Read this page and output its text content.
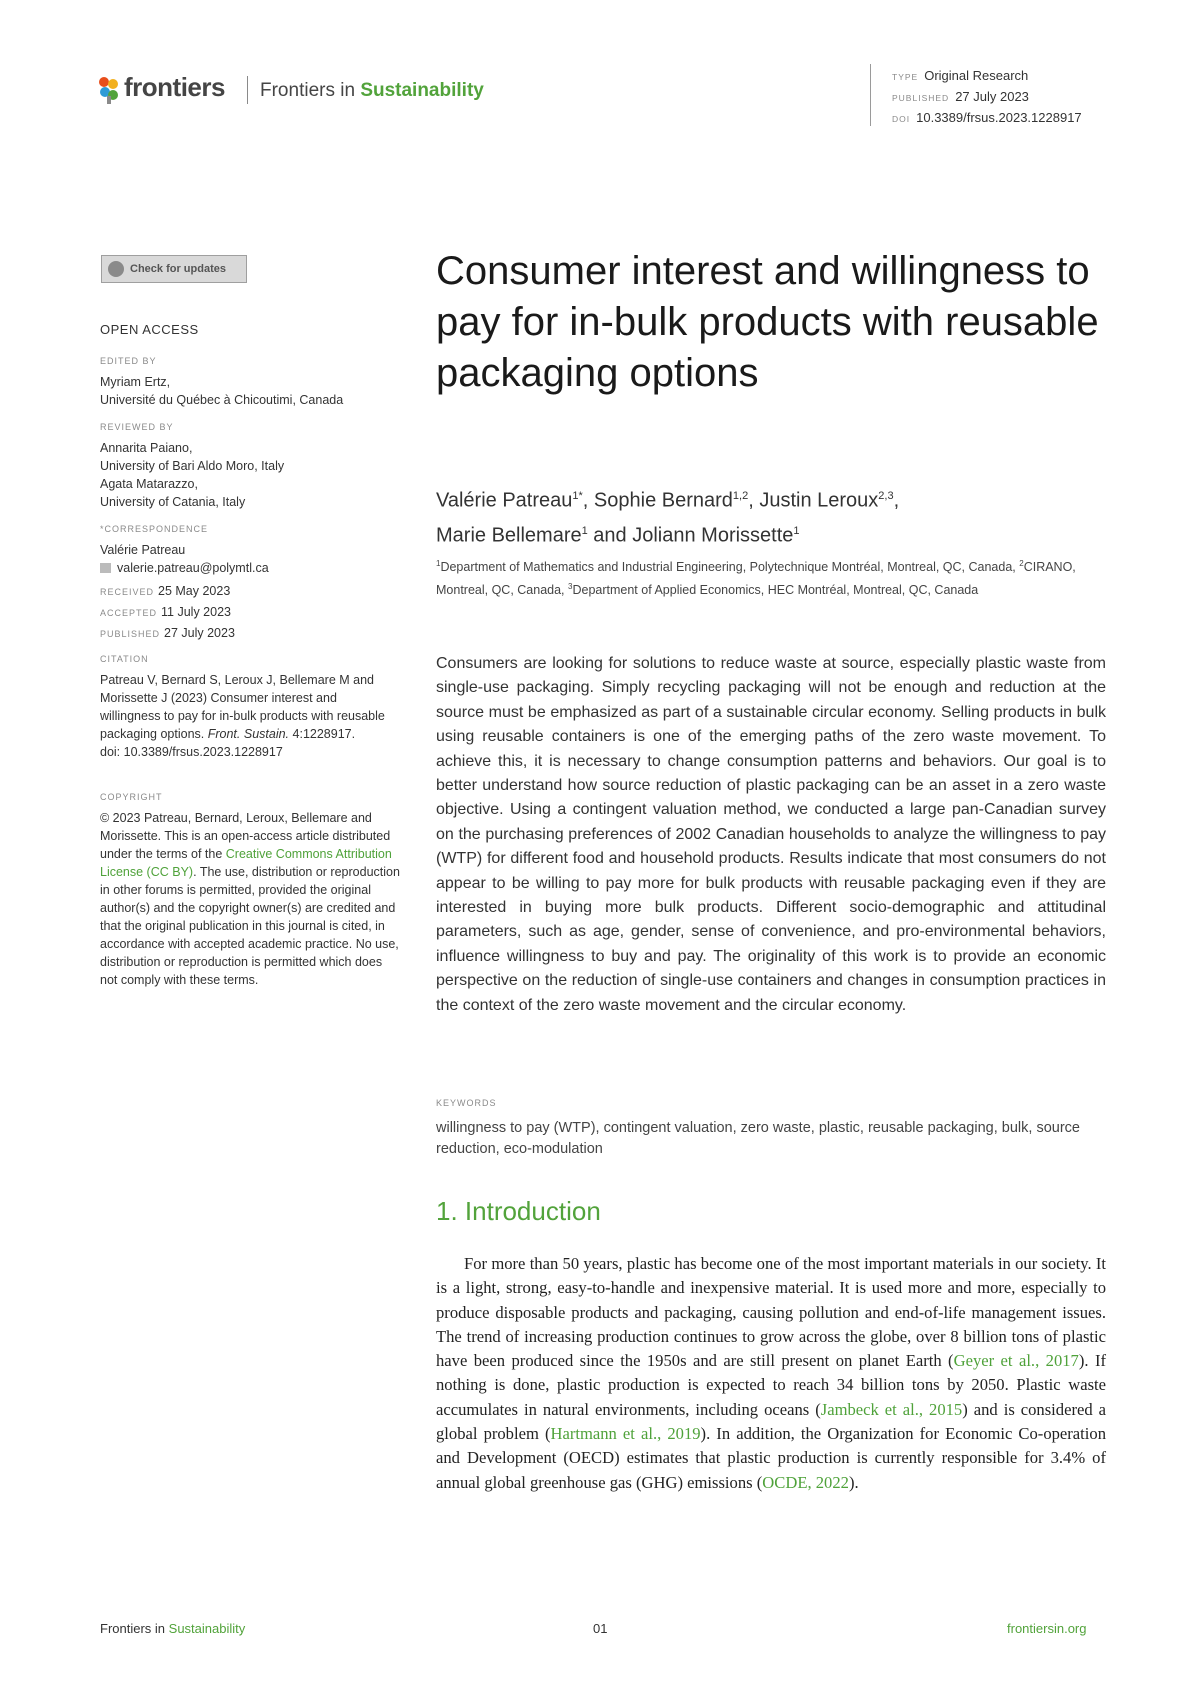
frontiers Frontiers in Sustainability
TYPE Original Research
PUBLISHED 27 July 2023
DOI 10.3389/frsus.2023.1228917
Check for updates
OPEN ACCESS
EDITED BY
Myriam Ertz,
Université du Québec à Chicoutimi, Canada
REVIEWED BY
Annarita Paiano,
University of Bari Aldo Moro, Italy
Agata Matarazzo,
University of Catania, Italy
*CORRESPONDENCE
Valérie Patreau
valerie.patreau@polymtl.ca
RECEIVED 25 May 2023
ACCEPTED 11 July 2023
PUBLISHED 27 July 2023
CITATION
Patreau V, Bernard S, Leroux J, Bellemare M and Morissette J (2023) Consumer interest and willingness to pay for in-bulk products with reusable packaging options. Front. Sustain. 4:1228917.
doi: 10.3389/frsus.2023.1228917
COPYRIGHT
© 2023 Patreau, Bernard, Leroux, Bellemare and Morissette. This is an open-access article distributed under the terms of the Creative Commons Attribution License (CC BY). The use, distribution or reproduction in other forums is permitted, provided the original author(s) and the copyright owner(s) are credited and that the original publication in this journal is cited, in accordance with accepted academic practice. No use, distribution or reproduction is permitted which does not comply with these terms.
Consumer interest and willingness to pay for in-bulk products with reusable packaging options
Valérie Patreau$^{1*}$, Sophie Bernard$^{1,2}$, Justin Leroux$^{2,3}$,
Marie Bellemare$^1$ and Joliann Morissette$^1$
$^1$Department of Mathematics and Industrial Engineering, Polytechnique Montréal, Montreal, QC, Canada, $^2$CIRANO, Montreal, QC, Canada, $^3$Department of Applied Economics, HEC Montréal, Montreal, QC, Canada

Consumers are looking for solutions to reduce waste at source, especially plastic waste from single-use packaging. Simply recycling packaging will not be enough and reduction at the source must be emphasized as part of a sustainable circular economy. Selling products in bulk using reusable containers is one of the emerging paths of the zero waste movement. To achieve this, it is necessary to change consumption patterns and behaviors. Our goal is to better understand how source reduction of plastic packaging can be an asset in a zero waste objective. Using a contingent valuation method, we conducted a large pan-Canadian survey on the purchasing preferences of 2002 Canadian households to analyze the willingness to pay (WTP) for different food and household products. Results indicate that most consumers do not appear to be willing to pay more for bulk products with reusable packaging even if they are interested in buying more bulk products. Different socio-demographic and attitudinal parameters, such as age, gender, sense of convenience, and pro-environmental behaviors, influence willingness to buy and pay. The originality of this work is to provide an economic perspective on the reduction of single-use containers and changes in consumption practices in the context of the zero waste movement and the circular economy.

KEYWORDS
willingness to pay (WTP), contingent valuation, zero waste, plastic, reusable packaging, bulk, source reduction, eco-modulation
1. Introduction

For more than 50 years, plastic has become one of the most important materials in our society. It is a light, strong, easy-to-handle and inexpensive material. It is used more and more, especially to produce disposable products and packaging, causing pollution and end-of-life management issues. The trend of increasing production continues to grow across the globe, over 8 billion tons of plastic have been produced since the 1950s and are still present on planet Earth (Geyer et al., 2017). If nothing is done, plastic production is expected to reach 34 billion tons by 2050. Plastic waste accumulates in natural environments, including oceans (Jambeck et al., 2015) and is considered a global problem (Hartmann et al., 2019). In addition, the Organization for Economic Co-operation and Development (OECD) estimates that plastic production is currently responsible for 3.4% of annual global greenhouse gas (GHG) emissions (OCDE, 2022).

Frontiers in Sustainability	01	frontiersin.org
